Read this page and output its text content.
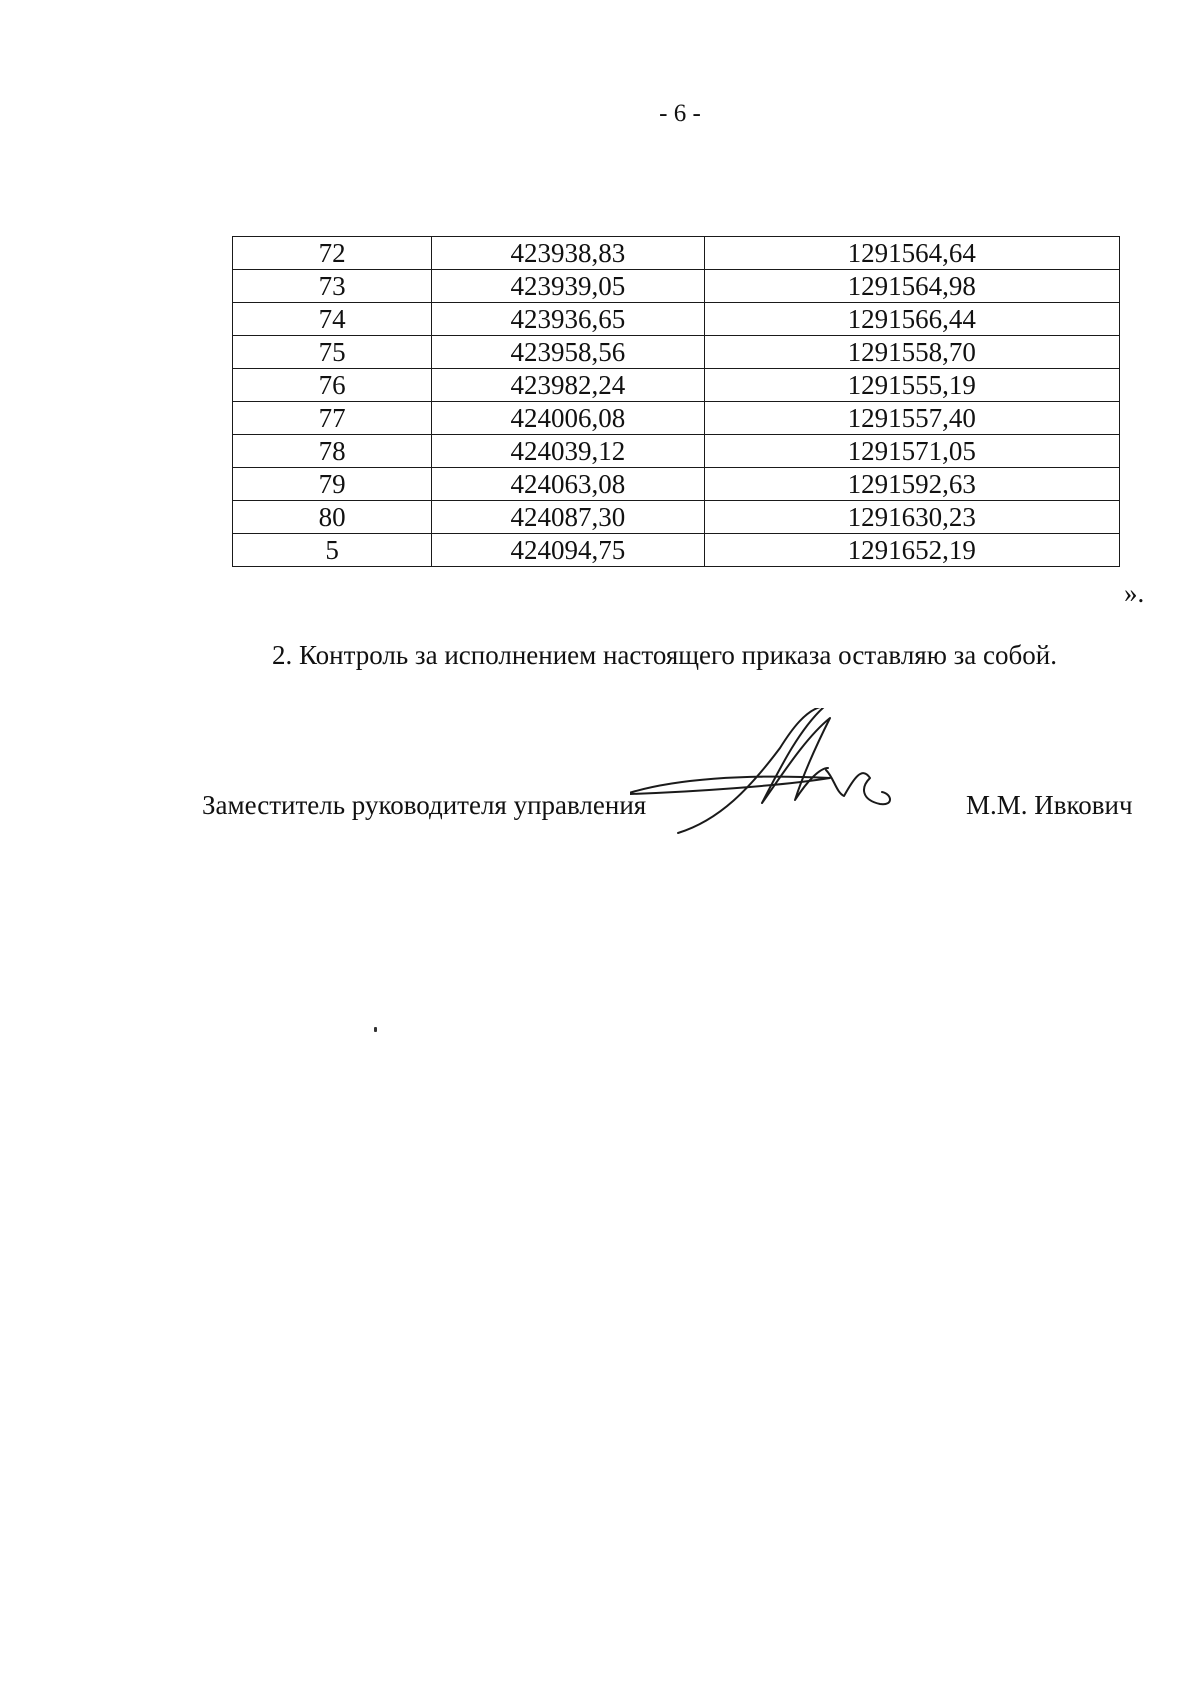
- 6 -
72	423938,83	1291564,64
73	423939,05	1291564,98
74	423936,65	1291566,44
75	423958,56	1291558,70
76	423982,24	1291555,19
77	424006,08	1291557,40
78	424039,12	1291571,05
79	424063,08	1291592,63
80	424087,30	1291630,23
5	424094,75	1291652,19
».
2. Контроль за исполнением настоящего приказа оставляю за собой.
Заместитель руководителя управления	М.М. Ивкович
